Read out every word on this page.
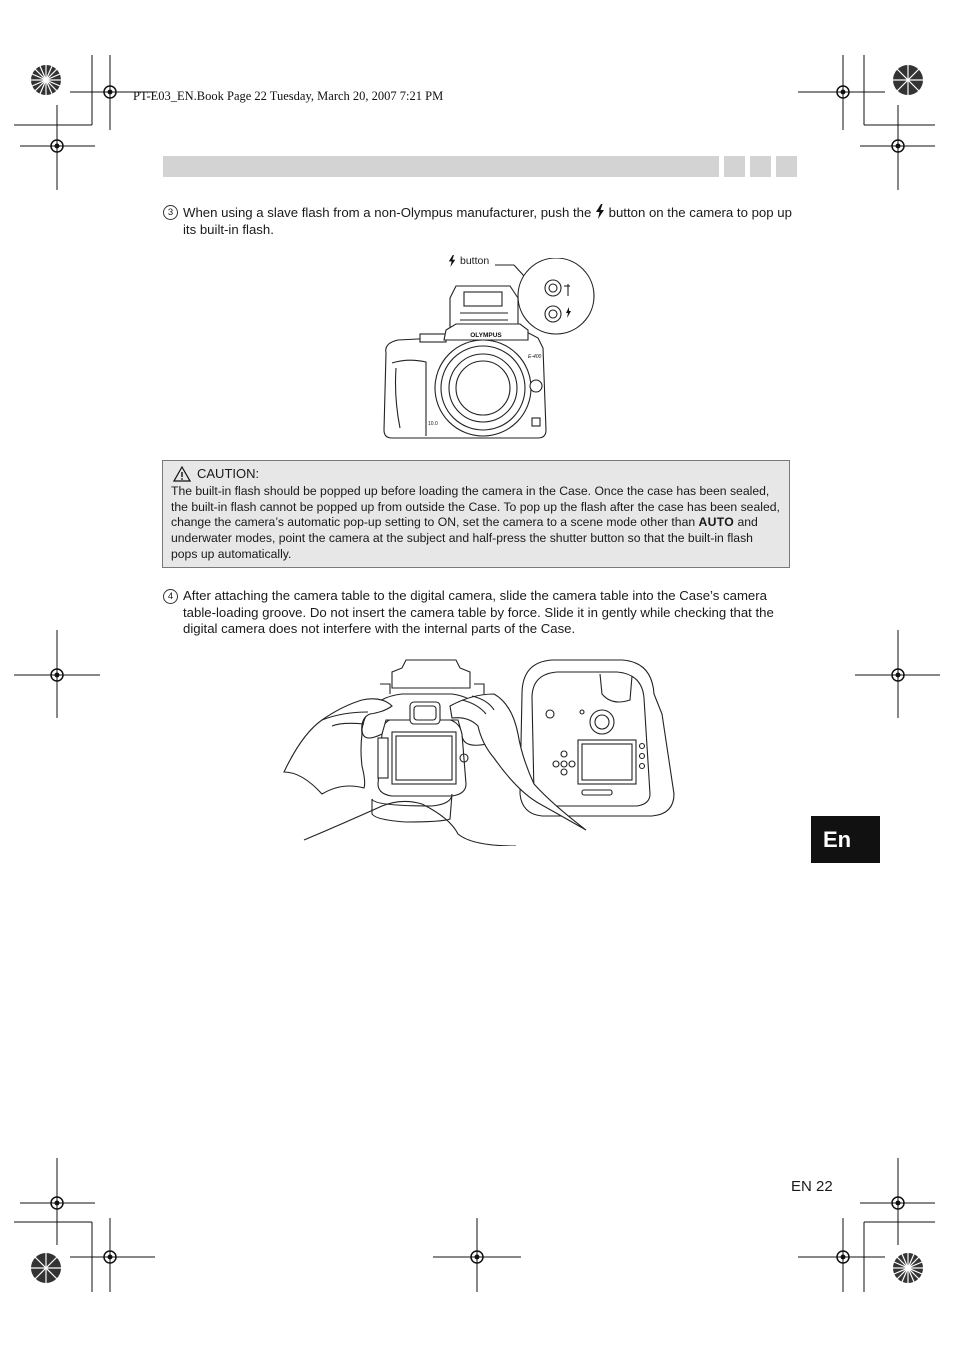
PT-E03_EN.Book Page 22 Tuesday, March 20, 2007 7:21 PM
3 When using a slave flash from a non-Olympus manufacturer, push the button on the camera to pop up its built-in flash.
button
OLYMPUS
E-400
10.0
CAUTION:
The built-in flash should be popped up before loading the camera in the Case. Once the case has been sealed, the built-in flash cannot be popped up from outside the Case. To pop up the flash after the case has been sealed, change the camera’s automatic pop-up setting to ON, set the camera to a scene mode other than AUTO and underwater modes, point the camera at the subject and half-press the shutter button so that the built-in flash pops up automatically.
4 After attaching the camera table to the digital camera, slide the camera table into the Case’s camera table-loading groove. Do not insert the camera table by force. Slide it in gently while checking that the digital camera does not interfere with the internal parts of the Case.
En
EN 22
